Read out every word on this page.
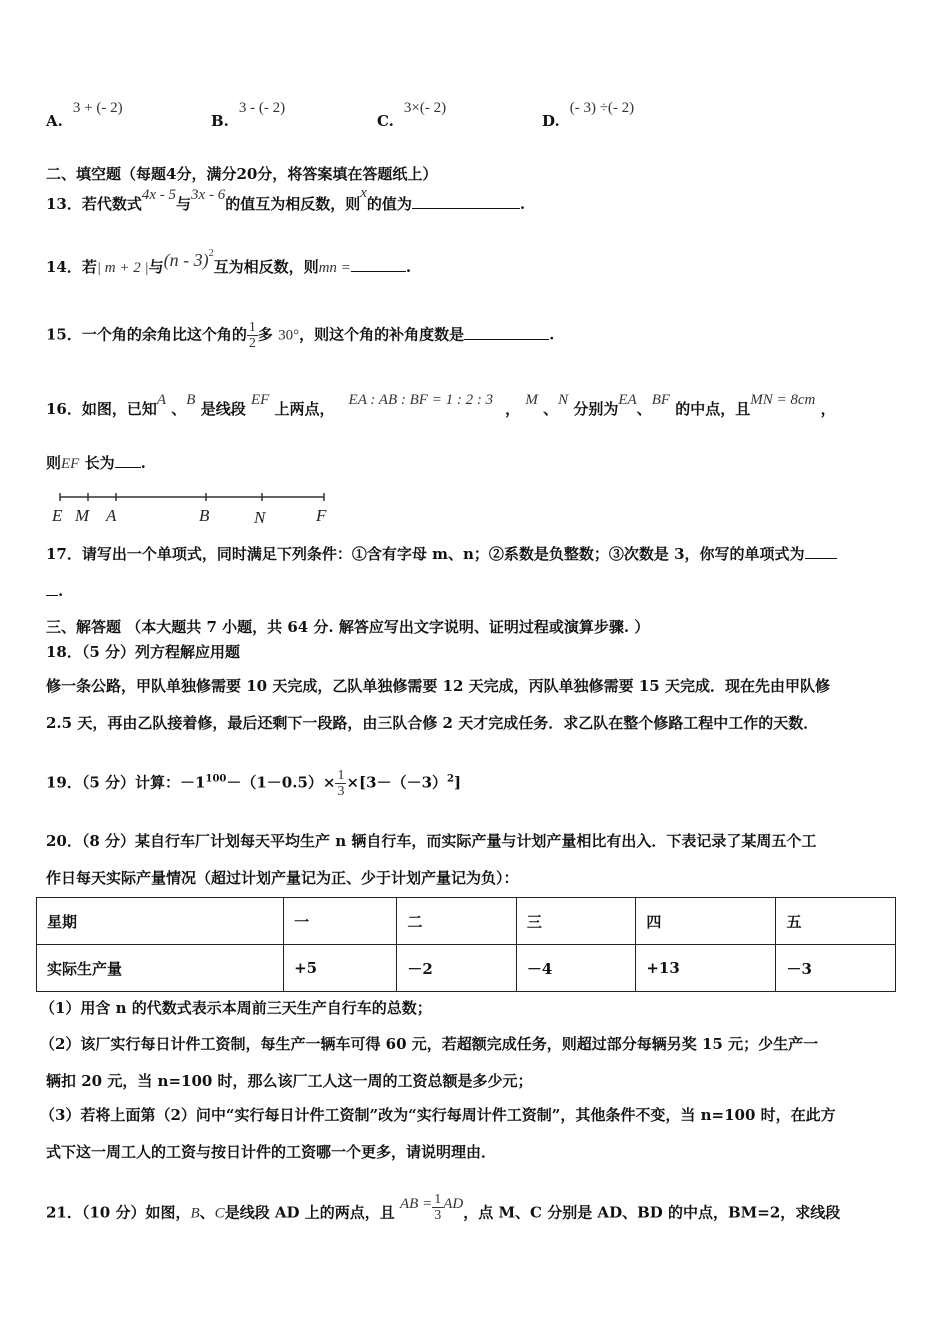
A.3 + (- 2)
B.3 - (- 2)
C.3×(- 2)
D.(- 3) ÷(- 2)
二、填空题（每题4分，满分20分，将答案填在答题纸上）
13．若代数式4x - 5与3x - 6的值互为相反数，则x的值为	.
14．若| m + 2 |与(n - 3)$^2$互为相反数，则mn =	.
15．一个角的余角比这个角的 $\frac{1}{2}$ 多 30°，则这个角的补角度数是	.
16．如图，已知A 、B 是线段 EF 上两点， EA : AB : BF = 1 : 2 : 3 ， M 、N 分别为EA、BF 的中点，且MN = 8cm ，
则EF 长为 .
E M A	B	N	F
17．请写出一个单项式，同时满足下列条件：①含有字母 m、n；②系数是负整数；③次数是 3，你写的单项式为
.
三、解答题 （本大题共 7 小题，共 64 分. 解答应写出文字说明、证明过程或演算步骤. ）
18．（5 分）列方程解应用题
修一条公路，甲队单独修需要 10 天完成，乙队单独修需要 12 天完成，丙队单独修需要 15 天完成．现在先由甲队修
2.5 天，再由乙队接着修，最后还剩下一段路，由三队合修 2 天才完成任务．求乙队在整个修路工程中工作的天数．
19．（5 分）计算：$-1^{100}-(1-0.5)\times \frac{1}{3} \times[3-(-3)^2]$
20．（8 分）某自行车厂计划每天平均生产 n 辆自行车，而实际产量与计划产量相比有出入．下表记录了某周五个工
作日每天实际产量情况（超过计划产量记为正、少于计划产量记为负）：
星期	一	二	三	四	五
实际生产量	+5	－2	－4	+13	－3
（1）用含 n 的代数式表示本周前三天生产自行车的总数；
（2）该厂实行每日计件工资制，每生产一辆车可得 60 元，若超额完成任务，则超过部分每辆另奖 15 元；少生产一
辆扣 20 元，当 n=100 时，那么该厂工人这一周的工资总额是多少元；
（3）若将上面第（2）问中“实行每日计件工资制”改为“实行每周计件工资制”，其他条件不变，当 n=100 时，在此方
式下这一周工人的工资与按日计件的工资哪一个更多，请说明理由．
21．（10 分）如图，B、C是线段 AD 上的两点，且 AB = $\frac{1}{3}$ AD，点 M、C 分别是 AD、BD 的中点，BM=2，求线段
